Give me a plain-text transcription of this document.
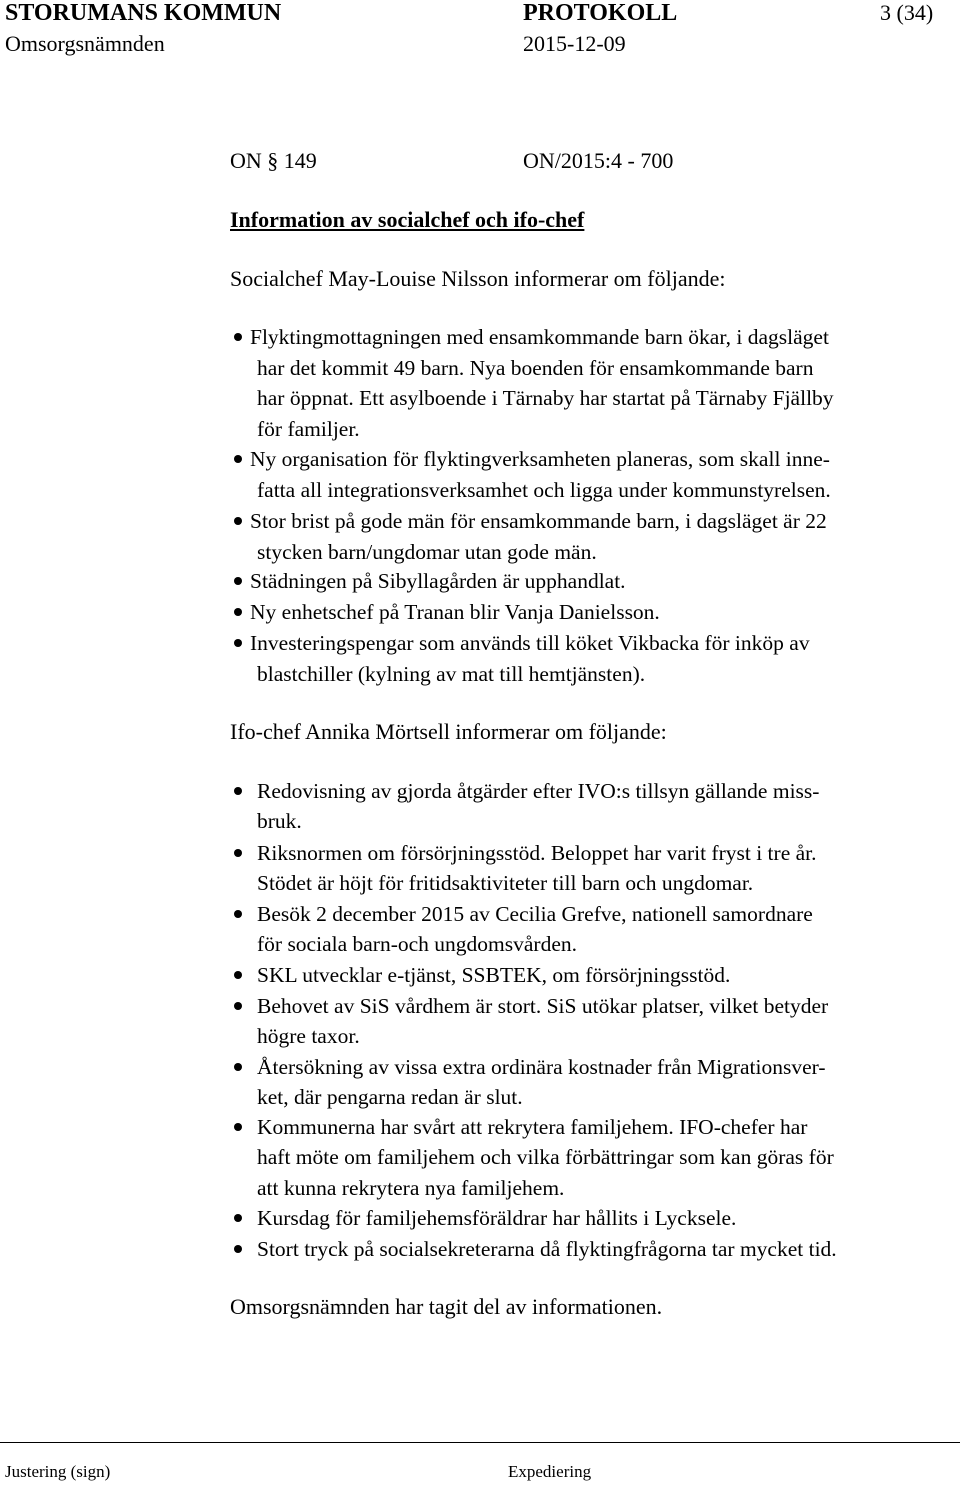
STORUMANS KOMMUN	PROTOKOLL	3 (34)
Omsorgsnämnden	2015-12-09
ON § 149	ON/2015:4 - 700
Information av socialchef och ifo-chef
Socialchef May-Louise Nilsson informerar om följande:
Flyktingmottagningen med ensamkommande barn ökar, i dagsläget
har det kommit 49 barn. Nya boenden för ensamkommande barn
har öppnat. Ett asylboende i Tärnaby har startat på Tärnaby Fjällby
för familjer.
Ny organisation för flyktingverksamheten planeras, som skall inne-
fatta all integrationsverksamhet och ligga under kommunstyrelsen.
Stor brist på gode män för ensamkommande barn, i dagsläget är 22
stycken barn/ungdomar utan gode män.
Städningen på Sibyllagården är upphandlat.
Ny enhetschef på Tranan blir Vanja Danielsson.
Investeringspengar som används till köket Vikbacka för inköp av
blastchiller (kylning av mat till hemtjänsten).
Ifo-chef Annika Mörtsell informerar om följande:
Redovisning av gjorda åtgärder efter IVO:s tillsyn gällande miss-
bruk.
Riksnormen om försörjningsstöd. Beloppet har varit fryst i tre år.
Stödet är höjt för fritidsaktiviteter till barn och ungdomar.
Besök 2 december 2015 av Cecilia Grefve, nationell samordnare
för sociala barn-och ungdomsvården.
SKL utvecklar e-tjänst, SSBTEK, om försörjningsstöd.
Behovet av SiS vårdhem är stort. SiS utökar platser, vilket betyder
högre taxor.
Återsökning av vissa extra ordinära kostnader från Migrationsver-
ket, där pengarna redan är slut.
Kommunerna har svårt att rekrytera familjehem. IFO-chefer har
haft möte om familjehem och vilka förbättringar som kan göras för
att kunna rekrytera nya familjehem.
Kursdag för familjehemsföräldrar har hållits i Lycksele.
Stort tryck på socialsekreterarna då flyktingfrågorna tar mycket tid.
Omsorgsnämnden har tagit del av informationen.
Justering (sign)	Expediering
